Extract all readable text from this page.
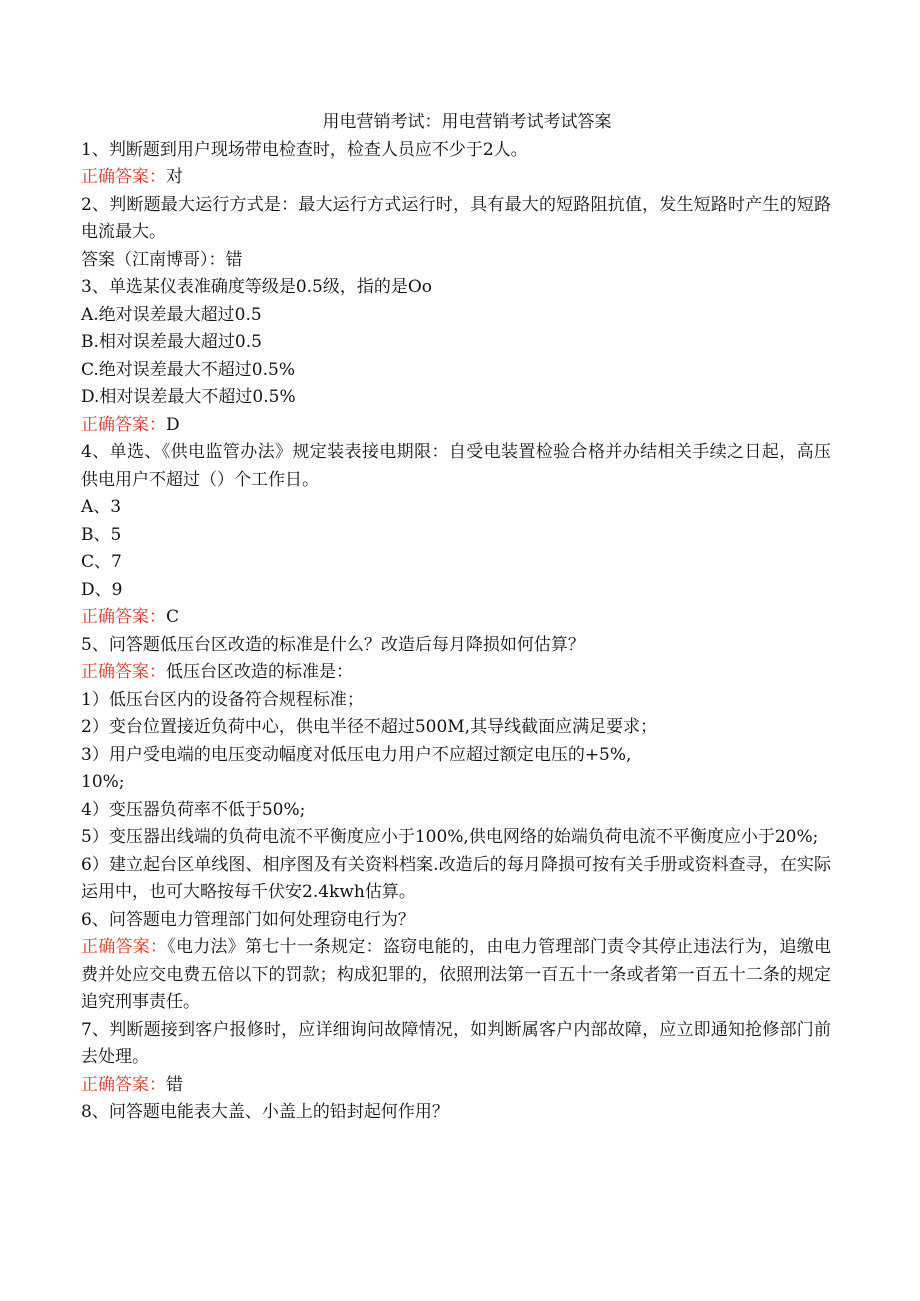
用电营销考试：用电营销考试考试答案
1、判断题到用户现场带电检查时，检查人员应不少于2人。
正确答案：对
2、判断题最大运行方式是：最大运行方式运行时，具有最大的短路阻抗值，发生短路时产生的短路电流最大。
答案（江南博哥）：错
3、单选某仪表准确度等级是0.5级，指的是Oo
A.绝对误差最大超过0.5
B.相对误差最大超过0.5
C.绝对误差最大不超过0.5%
D.相对误差最大不超过0.5%
正确答案：D
4、单选、《供电监管办法》规定装表接电期限：自受电装置检验合格并办结相关手续之日起，高压供电用户不超过（）个工作日。
A、3
B、5
C、7
D、9
正确答案：C
5、问答题低压台区改造的标准是什么？改造后每月降损如何估算？
正确答案：低压台区改造的标准是：
1）低压台区内的设备符合规程标准；
2）变台位置接近负荷中心，供电半径不超过500M,其导线截面应满足要求；
3）用户受电端的电压变动幅度对低压电力用户不应超过额定电压的+5%,
10%;
4）变压器负荷率不低于50%;
5）变压器出线端的负荷电流不平衡度应小于100%,供电网络的始端负荷电流不平衡度应小于20%;
6）建立起台区单线图、相序图及有关资料档案.改造后的每月降损可按有关手册或资料查寻，在实际运用中，也可大略按每千伏安2.4kwh估算。
6、问答题电力管理部门如何处理窃电行为？
正确答案：《电力法》第七十一条规定：盗窃电能的，由电力管理部门责令其停止违法行为，追缴电费并处应交电费五倍以下的罚款；构成犯罪的，依照刑法第一百五十一条或者第一百五十二条的规定追究刑事责任。
7、判断题接到客户报修时，应详细询问故障情况，如判断属客户内部故障，应立即通知抢修部门前去处理。
正确答案：错
8、问答题电能表大盖、小盖上的铅封起何作用？
